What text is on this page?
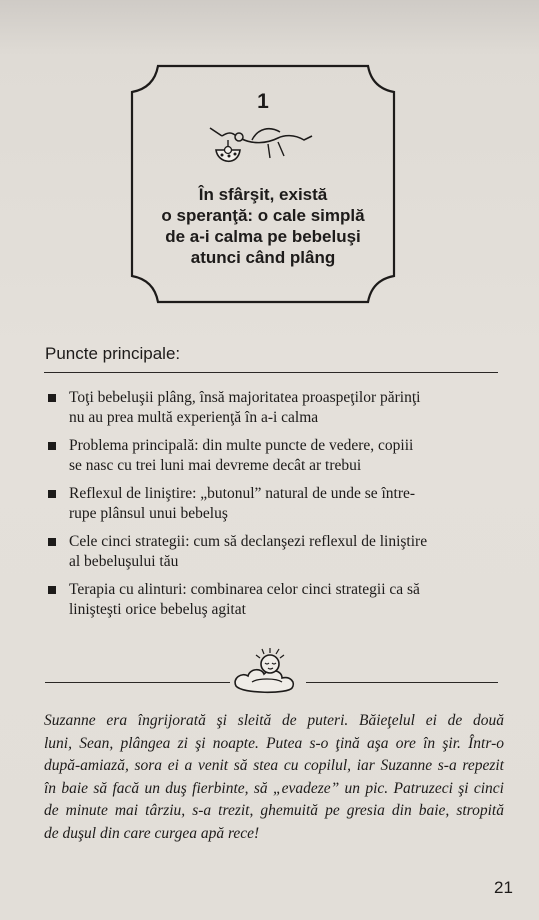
1
În sfârşit, există
o speranţă: o cale simplă
de a-i calma pe bebeluşi
atunci când plâng
Puncte principale:
Toţi bebeluşii plâng, însă majoritatea proaspeţilor părinţi
nu au prea multă experienţă în a-i calma
Problema principală: din multe puncte de vedere, copiii
se nasc cu trei luni mai devreme decât ar trebui
Reflexul de liniştire: „butonul” natural de unde se între-
rupe plânsul unui bebeluş
Cele cinci strategii: cum să declanşezi reflexul de liniştire
al bebeluşului tău
Terapia cu alinturi: combinarea celor cinci strategii ca să
linişteşti orice bebeluş agitat
Suzanne era îngrijorată şi sleită de puteri. Băieţelul ei de două
luni, Sean, plângea zi şi noapte. Putea s-o ţină aşa ore în şir. Într-o
după-amiază, sora ei a venit să stea cu copilul, iar Suzanne s-a repezit
în baie să facă un duş fierbinte, să „evadeze” un pic. Patruzeci şi cinci
de minute mai târziu, s-a trezit, ghemuită pe gresia din baie, stropită
de duşul din care curgea apă rece!
21
